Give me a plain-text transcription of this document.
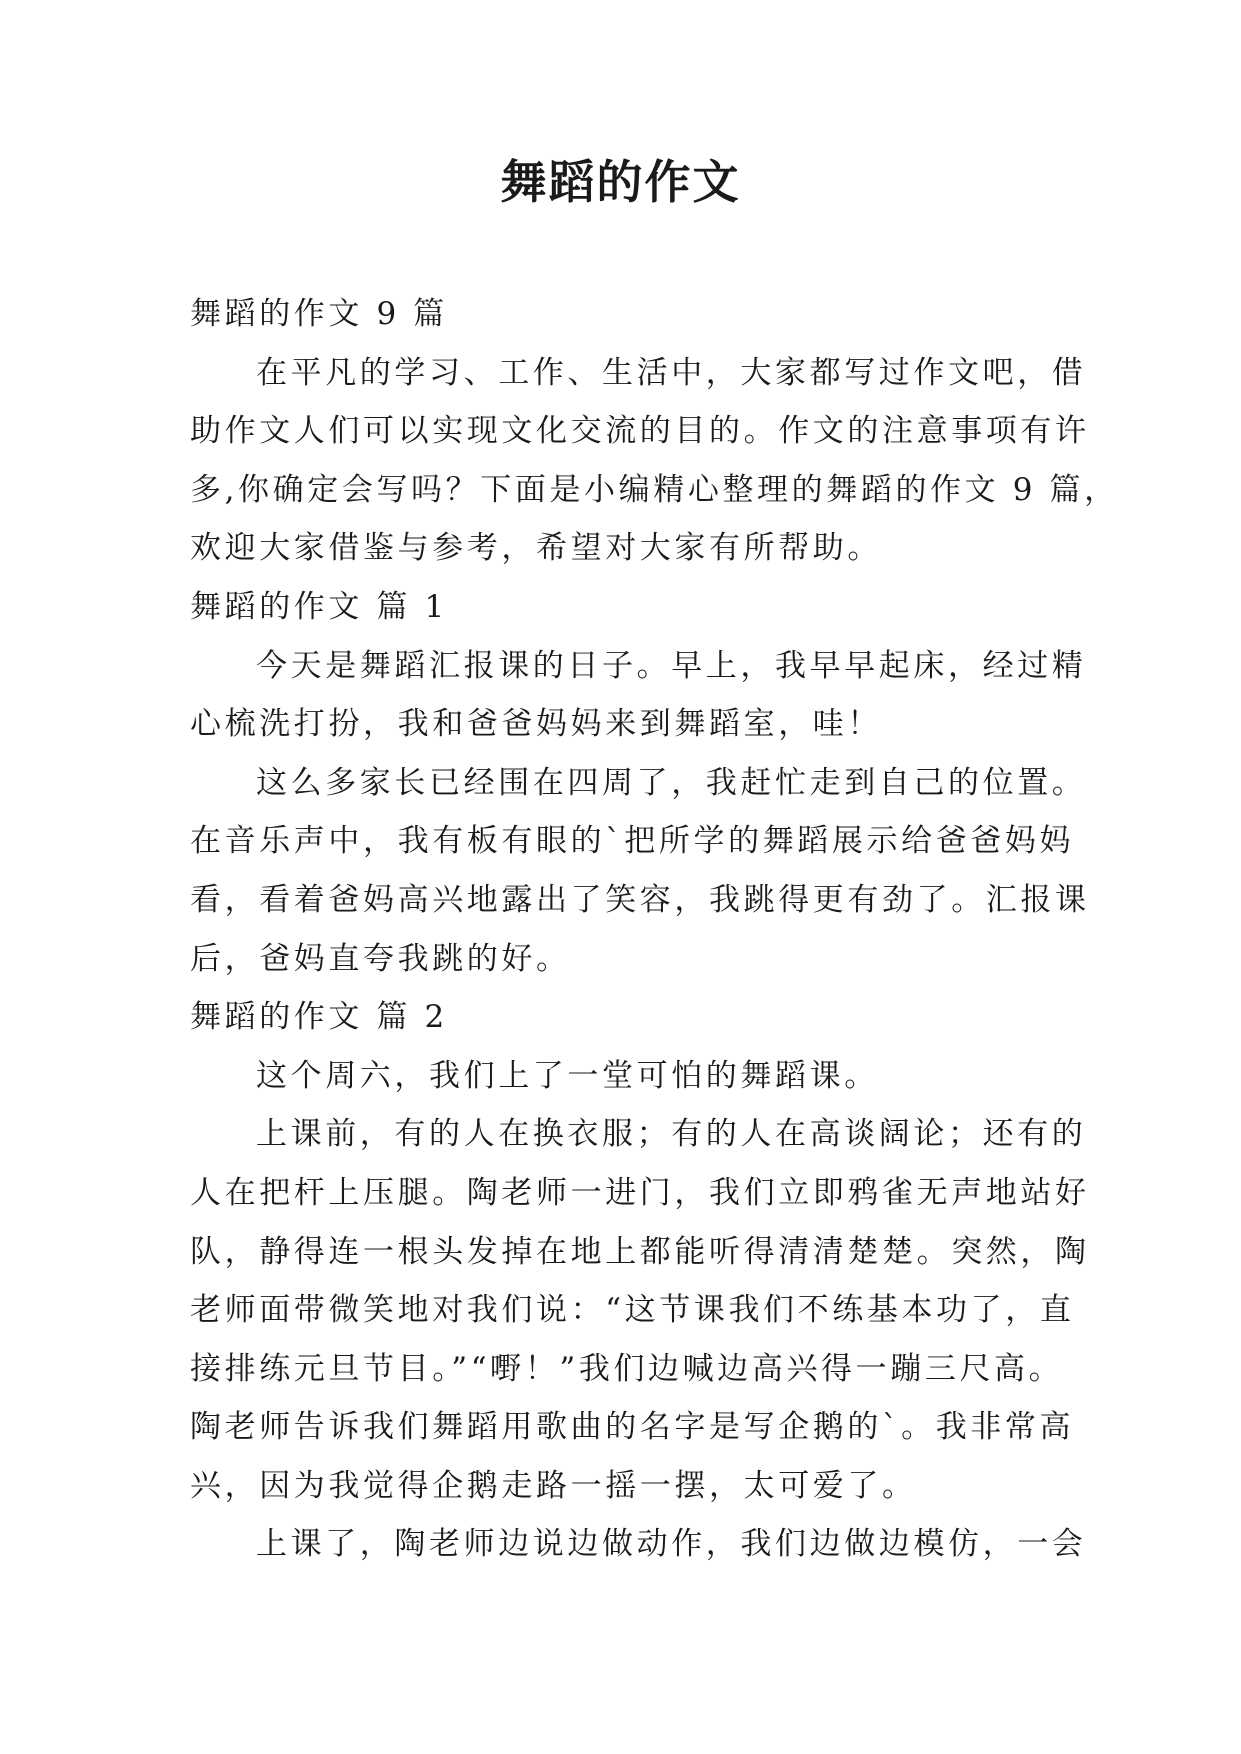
舞蹈的作文
舞蹈的作文 9 篇
在平凡的学习、工作、生活中，大家都写过作文吧，借
助作文人们可以实现文化交流的目的。作文的注意事项有许
多,你确定会写吗？下面是小编精心整理的舞蹈的作文 9 篇，
欢迎大家借鉴与参考，希望对大家有所帮助。
舞蹈的作文 篇 1
今天是舞蹈汇报课的日子。早上，我早早起床，经过精
心梳洗打扮，我和爸爸妈妈来到舞蹈室，哇！
这么多家长已经围在四周了，我赶忙走到自己的位置。
在音乐声中，我有板有眼的`把所学的舞蹈展示给爸爸妈妈
看，看着爸妈高兴地露出了笑容，我跳得更有劲了。汇报课
后，爸妈直夸我跳的好。
舞蹈的作文 篇 2
这个周六，我们上了一堂可怕的舞蹈课。
上课前，有的人在换衣服；有的人在高谈阔论；还有的
人在把杆上压腿。陶老师一进门，我们立即鸦雀无声地站好
队，静得连一根头发掉在地上都能听得清清楚楚。突然，陶
老师面带微笑地对我们说：“这节课我们不练基本功了，直
接排练元旦节目。”“嘢！”我们边喊边高兴得一蹦三尺高。
陶老师告诉我们舞蹈用歌曲的名字是写企鹅的`。我非常高
兴，因为我觉得企鹅走路一摇一摆，太可爱了。
上课了，陶老师边说边做动作，我们边做边模仿，一会
